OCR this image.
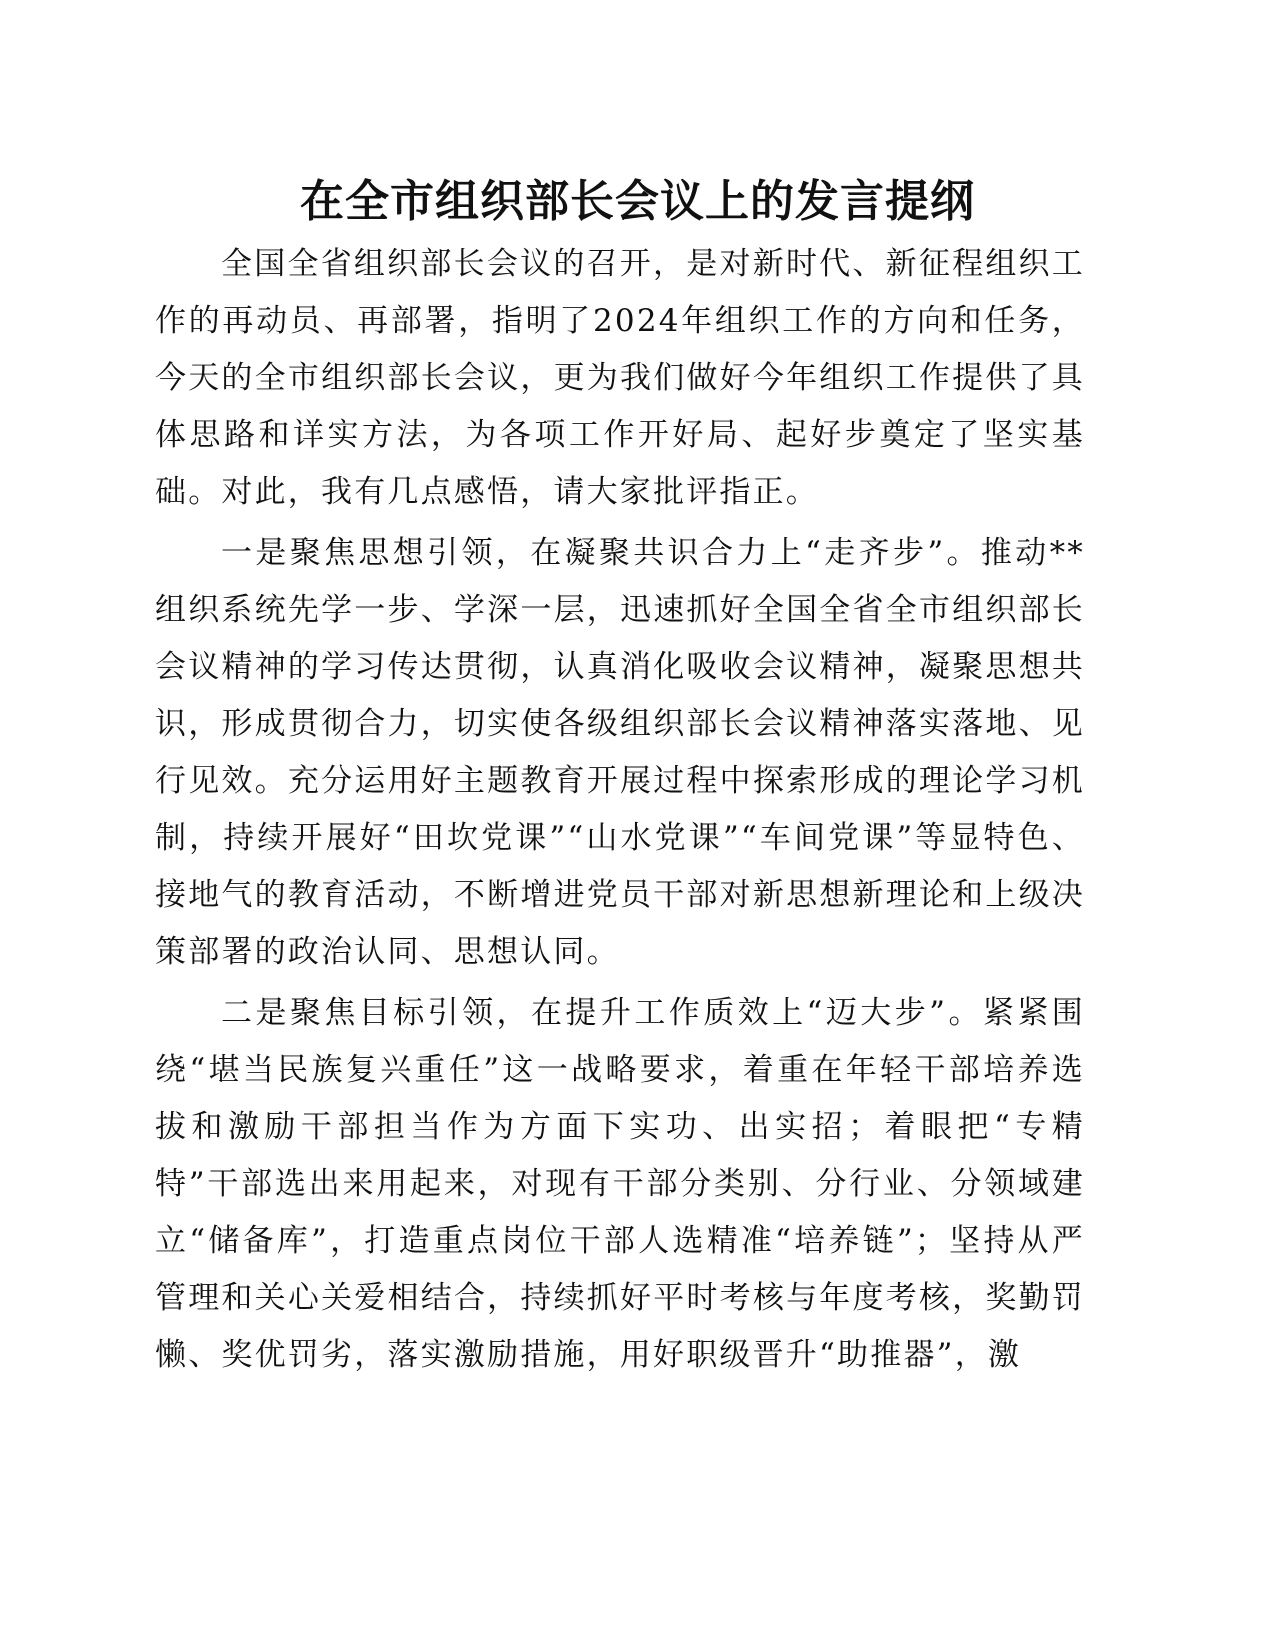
在全市组织部长会议上的发言提纲

全国全省组织部长会议的召开，是对新时代、新征程组织工作的再动员、再部署，指明了2024年组织工作的方向和任务，今天的全市组织部长会议，更为我们做好今年组织工作提供了具体思路和详实方法，为各项工作开好局、起好步奠定了坚实基础。对此，我有几点感悟，请大家批评指正。

一是聚焦思想引领，在凝聚共识合力上“走齐步”。推动**组织系统先学一步、学深一层，迅速抓好全国全省全市组织部长会议精神的学习传达贯彻，认真消化吸收会议精神，凝聚思想共识，形成贯彻合力，切实使各级组织部长会议精神落实落地、见行见效。充分运用好主题教育开展过程中探索形成的理论学习机制，持续开展好“田坎党课”“山水党课”“车间党课”等显特色、接地气的教育活动，不断增进党员干部对新思想新理论和上级决策部署的政治认同、思想认同。

二是聚焦目标引领，在提升工作质效上“迈大步”。紧紧围绕“堪当民族复兴重任”这一战略要求，着重在年轻干部培养选拔和激励干部担当作为方面下实功、出实招；着眼把“专精特”干部选出来用起来，对现有干部分类别、分行业、分领域建立“储备库”，打造重点岗位干部人选精准“培养链”；坚持从严管理和关心关爱相结合，持续抓好平时考核与年度考核，奖勤罚懒、奖优罚劣，落实激励措施，用好职级晋升“助推器”，激
